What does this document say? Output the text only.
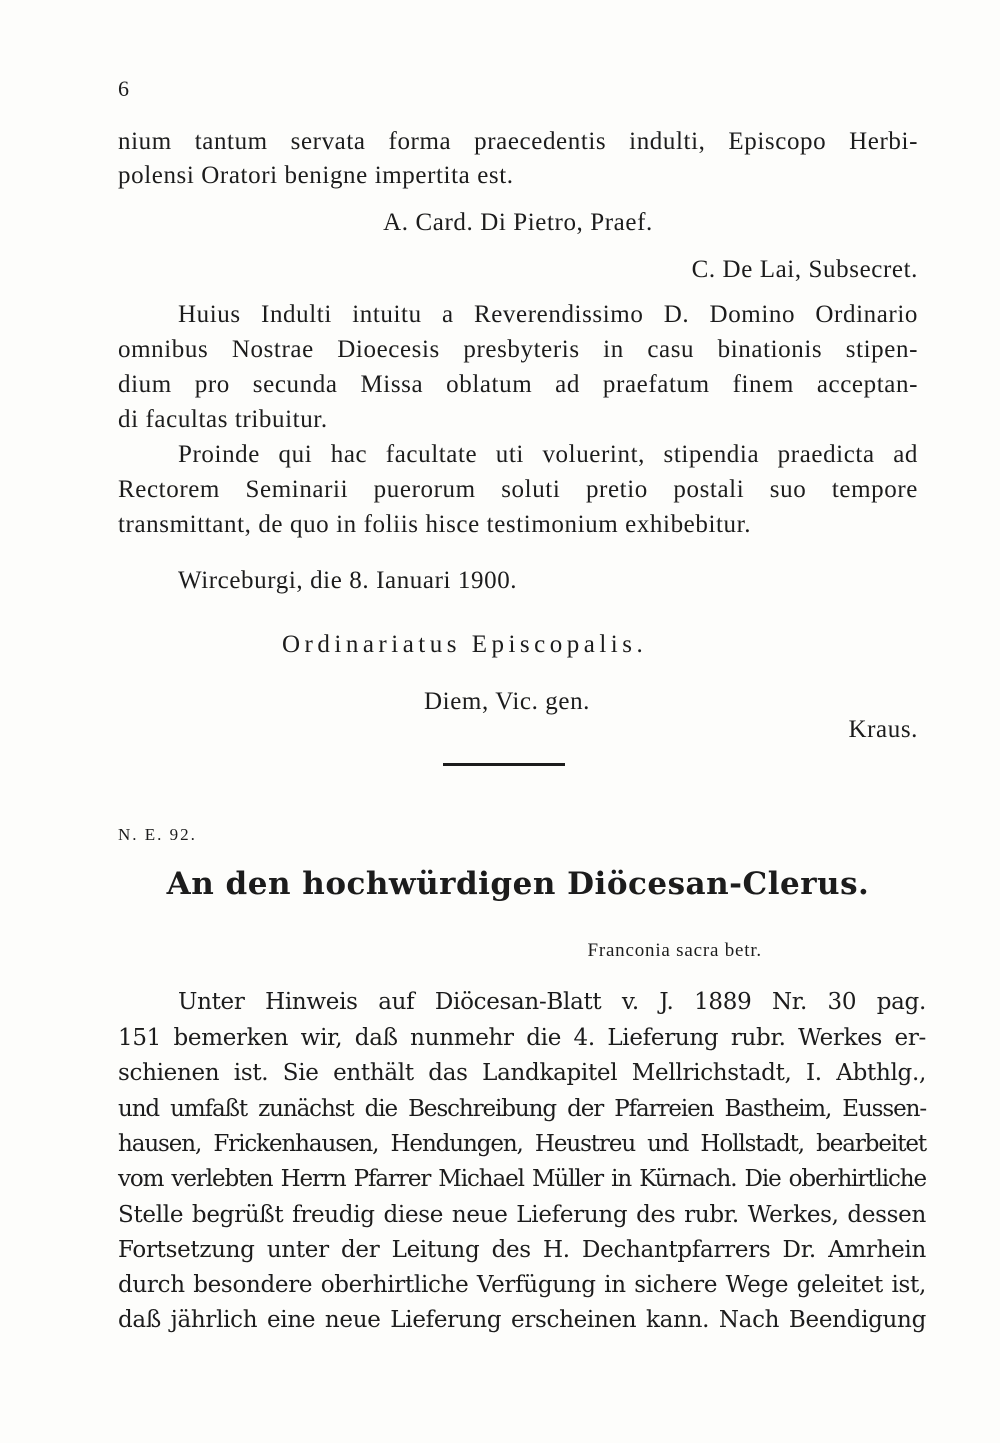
6
nium tantum servata forma praecedentis indulti, Episcopo Herbi-
polensi Oratori benigne impertita est.
A. Card. Di Pietro, Praef.
C. De Lai, Subsecret.
Huius Indulti intuitu a Reverendissimo D. Domino Ordinario
omnibus Nostrae Dioecesis presbyteris in casu binationis stipen-
dium pro secunda Missa oblatum ad praefatum finem acceptan-
di facultas tribuitur.
Proinde qui hac facultate uti voluerint, stipendia praedicta ad
Rectorem Seminarii puerorum soluti pretio postali suo tempore
transmittant, de quo in foliis hisce testimonium exhibebitur.
Wirceburgi, die 8. Ianuari 1900.
Ordinariatus Episcopalis.
Diem, Vic. gen.
Kraus.
N. E. 92.
An den hochwürdigen Diöcesan-Clerus.
Franconia sacra betr.
Unter Hinweis auf Diöcesan-Blatt v. J. 1889 Nr. 30 pag.
151 bemerken wir, daß nunmehr die 4. Lieferung rubr. Werkes er-
schienen ist. Sie enthält das Landkapitel Mellrichstadt, I. Abthlg.,
und umfaßt zunächst die Beschreibung der Pfarreien Bastheim, Eussen-
hausen, Frickenhausen, Hendungen, Heustreu und Hollstadt, bearbeitet
vom verlebten Herrn Pfarrer Michael Müller in Kürnach. Die oberhirtliche
Stelle begrüßt freudig diese neue Lieferung des rubr. Werkes, dessen
Fortsetzung unter der Leitung des H. Dechantpfarrers Dr. Amrhein
durch besondere oberhirtliche Verfügung in sichere Wege geleitet ist,
daß jährlich eine neue Lieferung erscheinen kann. Nach Beendigung
